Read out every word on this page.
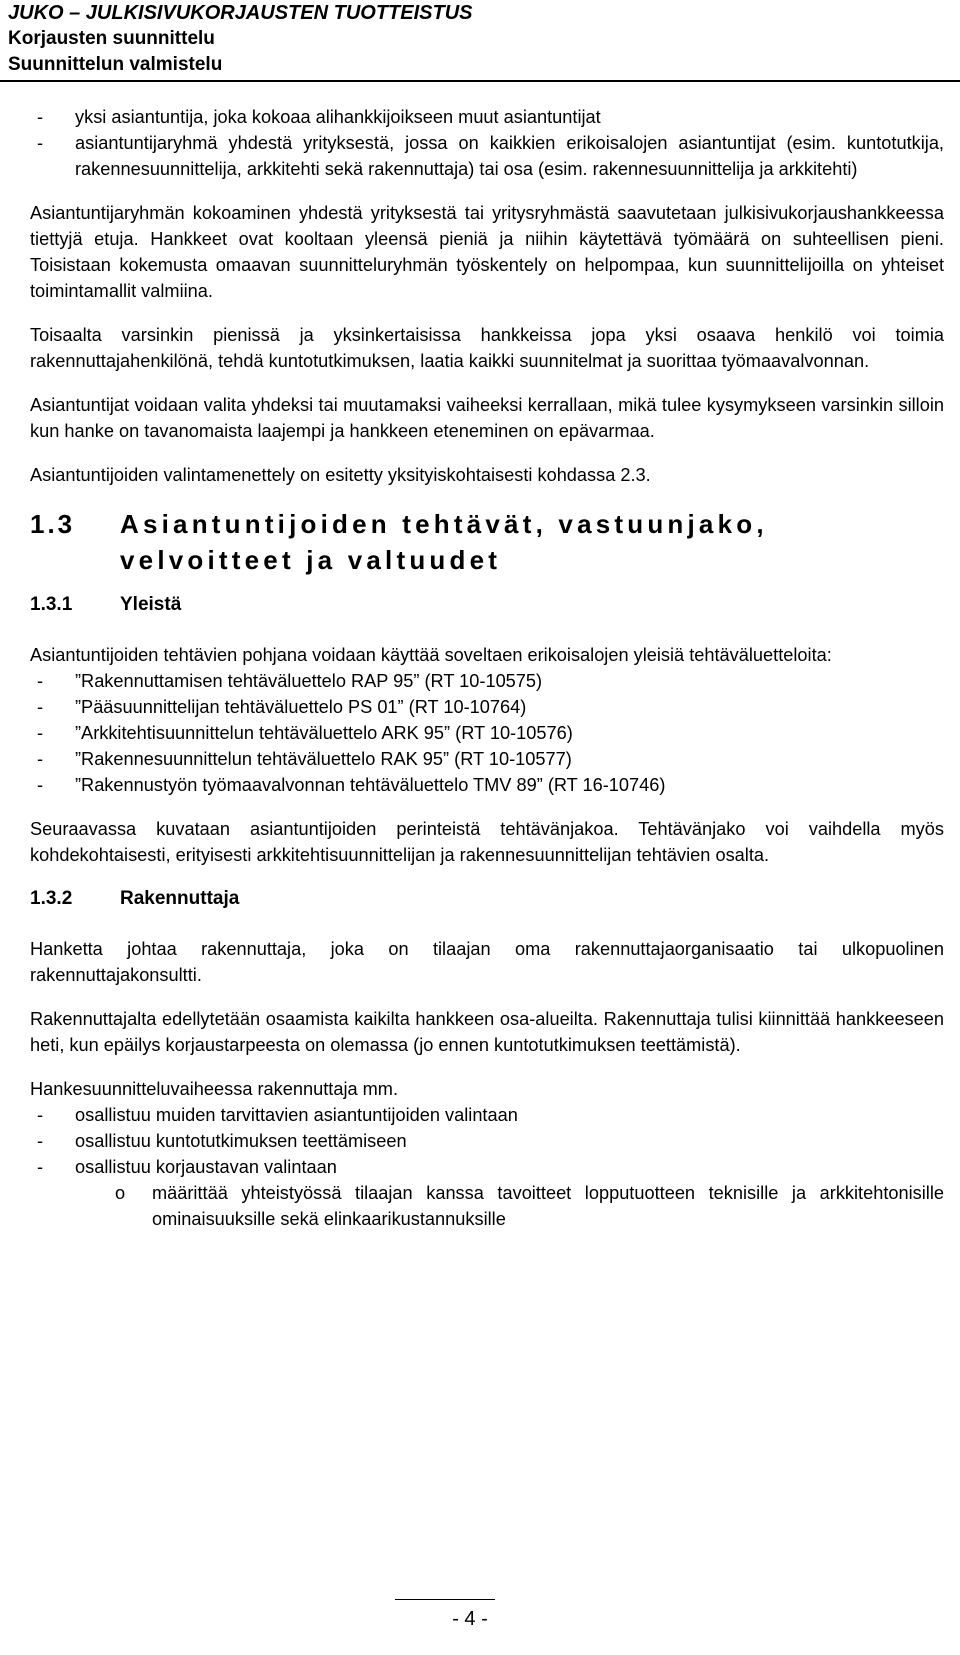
JUKO – JULKISIVUKORJAUSTEN TUOTTEISTUS
Korjausten suunnittelu
Suunnittelun valmistelu
- yksi asiantuntija, joka kokoaa alihankkijoikseen muut asiantuntijat
- asiantuntijaryhmä yhdestä yrityksestä, jossa on kaikkien erikoisalojen asiantuntijat (esim. kuntotutkija, rakennesuunnittelija, arkkitehti sekä rakennuttaja) tai osa (esim. rakennesuunnittelija ja arkkitehti)

Asiantuntijaryhmän kokoaminen yhdestä yrityksestä tai yritysryhmästä saavutetaan julkisivukorjaushankkeessa tiettyjä etuja. Hankkeet ovat kooltaan yleensä pieniä ja niihin käytettävä työmäärä on suhteellisen pieni. Toisistaan kokemusta omaavan suunnitteluryhmän työskentely on helpompaa, kun suunnittelijoilla on yhteiset toimintamallit valmiina.

Toisaalta varsinkin pienissä ja yksinkertaisissa hankkeissa jopa yksi osaava henkilö voi toimia rakennuttajahenkilönä, tehdä kuntotutkimuksen, laatia kaikki suunnitelmat ja suorittaa työmaavalvonnan.

Asiantuntijat voidaan valita yhdeksi tai muutamaksi vaiheeksi kerrallaan, mikä tulee kysymykseen varsinkin silloin kun hanke on tavanomaista laajempi ja hankkeen eteneminen on epävarmaa.

Asiantuntijoiden valintamenettely on esitetty yksityiskohtaisesti kohdassa 2.3.

1.3	Asiantuntijoiden tehtävät, vastuunjako, velvoitteet ja valtuudet
1.3.1	Yleistä

Asiantuntijoiden tehtävien pohjana voidaan käyttää soveltaen erikoisalojen yleisiä tehtäväluetteloita:

- ”Rakennuttamisen tehtäväluettelo RAP 95” (RT 10-10575)
- ”Pääsuunnittelijan tehtäväluettelo PS 01” (RT 10-10764)
- ”Arkkitehtisuunnittelun tehtäväluettelo ARK 95” (RT 10-10576)
- ”Rakennesuunnittelun tehtäväluettelo RAK 95” (RT 10-10577)
- ”Rakennustyön työmaavalvonnan tehtäväluettelo TMV 89” (RT 16-10746)

Seuraavassa kuvataan asiantuntijoiden perinteistä tehtävänjakoa. Tehtävänjako voi vaihdella myös kohdekohtaisesti, erityisesti arkkitehtisuunnittelijan ja rakennesuunnittelijan tehtävien osalta.

1.3.2	Rakennuttaja

Hanketta johtaa rakennuttaja, joka on tilaajan oma rakennuttajaorganisaatio tai ulkopuolinen rakennuttajakonsultti.

Rakennuttajalta edellytetään osaamista kaikilta hankkeen osa-alueilta. Rakennuttaja tulisi kiinnittää hankkeeseen heti, kun epäilys korjaustarpeesta on olemassa (jo ennen kuntotutkimuksen teettämistä).

Hankesuunnitteluvaiheessa rakennuttaja mm.

- osallistuu muiden tarvittavien asiantuntijoiden valintaan
- osallistuu kuntotutkimuksen teettämiseen
- osallistuu korjaustavan valintaan
o määrittää yhteistyössä tilaajan kanssa tavoitteet lopputuotteen teknisille ja arkkitehtonisille ominaisuuksille sekä elinkaarikustannuksille
- 4 -
